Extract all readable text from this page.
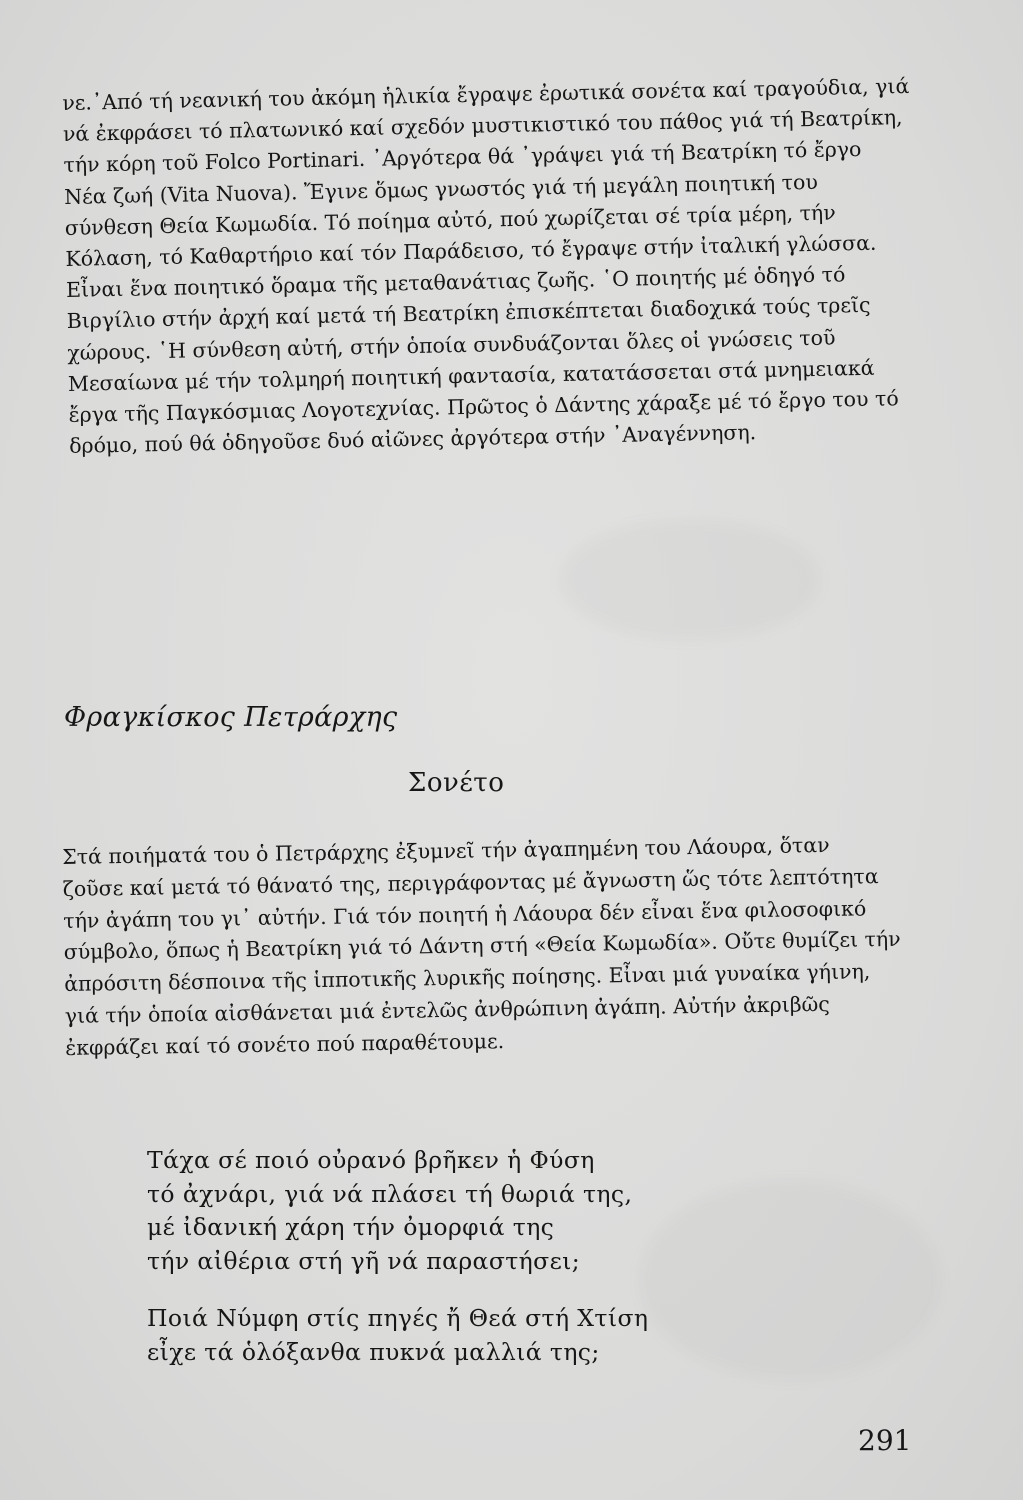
νε.᾿Από τή νεανική του ἀκόμη ἡλικία ἔγραψε ἐρωτικά σονέτα καί τραγούδια, γιά
νά ἐκφράσει τό πλατωνικό καί σχεδόν μυστικιστικό του πάθος γιά τή Βεατρίκη,
τήν κόρη τοῦ Folco Portinari. ᾿Αργότερα θά ᾿γράψει γιά τή Βεατρίκη τό ἔργο
Νέα ζωή (Vita Nuova). Ἔγινε ὅμως γνωστός γιά τή μεγάλη ποιητική του
σύνθεση Θεία Κωμωδία. Τό ποίημα αὐτό, πού χωρίζεται σέ τρία μέρη, τήν
Κόλαση, τό Καθαρτήριο καί τόν Παράδεισο, τό ἔγραψε στήν ἰταλική γλώσσα.
Εἶναι ἕνα ποιητικό ὅραμα τῆς μεταθανάτιας ζωῆς. ῾Ο ποιητής μέ ὁδηγό τό
Βιργίλιο στήν ἀρχή καί μετά τή Βεατρίκη ἐπισκέπτεται διαδοχικά τούς τρεῖς
χώρους. ῾Η σύνθεση αὐτή, στήν ὁποία συνδυάζονται ὅλες οἱ γνώσεις τοῦ
Μεσαίωνα μέ τήν τολμηρή ποιητική φαντασία, κατατάσσεται στά μνημειακά
ἔργα τῆς Παγκόσμιας Λογοτεχνίας. Πρῶτος ὁ Δάντης χάραξε μέ τό ἔργο του τό
δρόμο, πού θά ὁδηγοῦσε δυό αἰῶνες ἀργότερα στήν ᾿Αναγέννηση.

Φραγκίσκος Πετράρχης
Σονέτο

Στά ποιήματά του ὁ Πετράρχης ἐξυμνεῖ τήν ἀγαπημένη του Λάουρα, ὅταν
ζοῦσε καί μετά τό θάνατό της, περιγράφοντας μέ ἄγνωστη ὥς τότε λεπτότητα
τήν ἀγάπη του γι᾿ αὐτήν. Γιά τόν ποιητή ἡ Λάουρα δέν εἶναι ἕνα φιλοσοφικό
σύμβολο, ὅπως ἡ Βεατρίκη γιά τό Δάντη στή «Θεία Κωμωδία». Οὔτε θυμίζει τήν
ἀπρόσιτη δέσποινα τῆς ἱπποτικῆς λυρικῆς ποίησης. Εἶναι μιά γυναίκα γήινη,
γιά τήν ὁποία αἰσθάνεται μιά ἐντελῶς ἀνθρώπινη ἀγάπη. Αὐτήν ἀκριβῶς
ἐκφράζει καί τό σονέτο πού παραθέτουμε.

Τάχα σέ ποιό οὐρανό βρῆκεν ἡ Φύση
τό ἀχνάρι, γιά νά πλάσει τή θωριά της,
μέ ἰδανική χάρη τήν ὀμορφιά της
τήν αἰθέρια στή γῆ νά παραστήσει;
Ποιά Νύμφη στίς πηγές ἤ Θεά στή Χτίση
εἶχε τά ὁλόξανθα πυκνά μαλλιά της;
291
